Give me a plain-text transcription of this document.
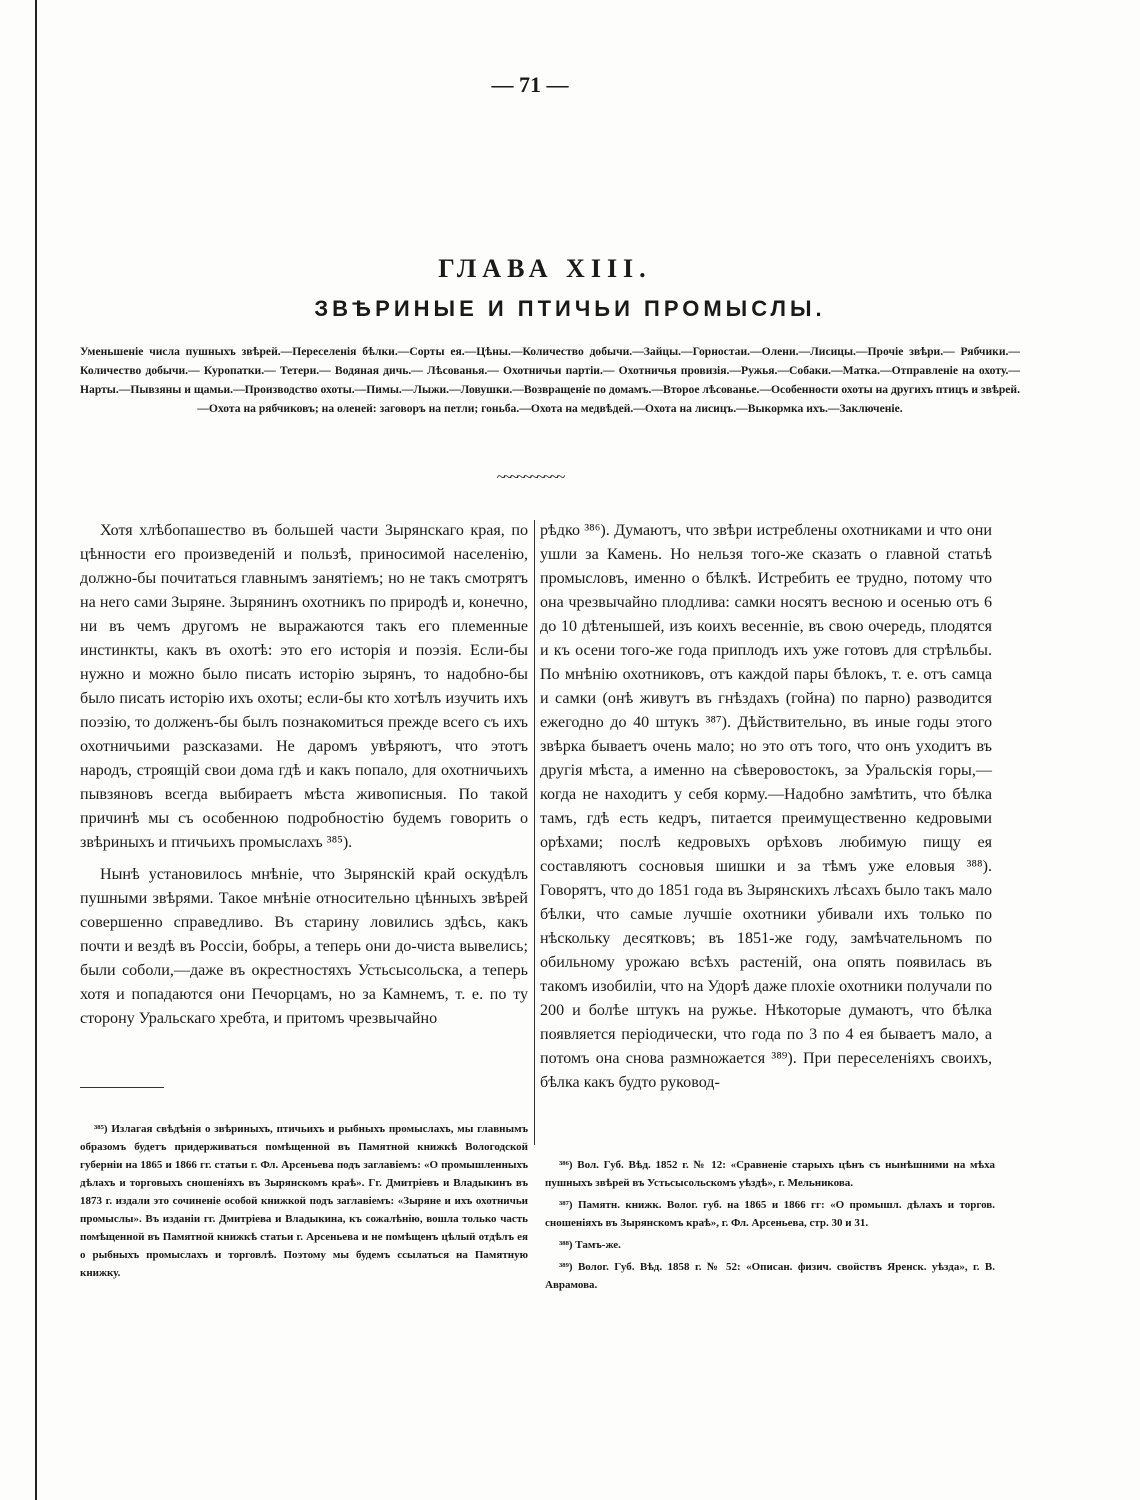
— 71 —
ГЛАВА XIII.
ЗВѢРИНЫЕ И ПТИЧЬИ ПРОМЫСЛЫ.
Уменьшеніе числа пушныхъ звѣрей.—Переселенія бѣлки.—Сорты ея.—Цѣны.—Количество добычи.—Зайцы.—Горностаи.—Олени.—Лисицы.—Прочіе звѣри.— Рябчики.— Количество добычи.— Куропатки.— Тетери.— Водяная дичь.— Лѣсованья.— Охотничьи партіи.— Охотничья провизія.—Ружья.—Собаки.—Матка.—Отправленіе на охоту.—Нарты.—Пывзяны и щамьи.—Производство охоты.—Пимы.—Лыжи.—Ловушки.—Возвращеніе по домамъ.—Второе лѣсованье.—Особенности охоты на другихъ птицъ и звѣрей.—Охота на рябчиковъ; на оленей: заговоръ на петли; гоньба.—Охота на медвѣдей.—Охота на лисицъ.—Выкормка ихъ.—Заключеніе.
~~~~~~~~~~

Хотя хлѣбопашество въ большей части Зырянскаго края, по цѣнности его произведеній и пользѣ, приносимой населенію, должно-бы почитаться главнымъ занятіемъ; но не такъ смотрятъ на него сами Зыряне. Зырянинъ охотникъ по природѣ и, конечно, ни въ чемъ другомъ не выражаются такъ его племенные инстинкты, какъ въ охотѣ: это его исторія и поэзія. Если-бы нужно и можно было писать исторію зырянъ, то надобно-бы было писать исторію ихъ охоты; если-бы кто хотѣлъ изучить ихъ поэзію, то долженъ-бы былъ познакомиться прежде всего съ ихъ охотничьими разсказами. Не даромъ увѣряютъ, что этотъ народъ, строящій свои дома гдѣ и какъ попало, для охотничьихъ пывзяновъ всегда выбираетъ мѣста живописныя. По такой причинѣ мы съ особенною подробностію будемъ говорить о звѣриныхъ и птичьихъ промыслахъ ³⁸⁵).

Нынѣ установилось мнѣніе, что Зырянскій край оскудѣлъ пушными звѣрями. Такое мнѣніе относительно цѣнныхъ звѣрей совершенно справедливо. Въ старину ловились здѣсь, какъ почти и вездѣ въ Россіи, бобры, а теперь они до-чиста вывелись; были соболи,—даже въ окрестностяхъ Устьсысольска, а теперь хотя и попадаются они Печорцамъ, но за Камнемъ, т. е. по ту сторону Уральскаго хребта, и притомъ чрезвычайно

рѣдко ³⁸⁶). Думаютъ, что звѣри истреблены охотниками и что они ушли за Камень. Но нельзя того-же сказать о главной статьѣ промысловъ, именно о бѣлкѣ. Истребить ее трудно, потому что она чрезвычайно плодлива: самки носятъ весною и осенью отъ 6 до 10 дѣтенышей, изъ коихъ весенніе, въ свою очередь, плодятся и къ осени того-же года приплодъ ихъ уже готовъ для стрѣльбы. По мнѣнію охотниковъ, отъ каждой пары бѣлокъ, т. е. отъ самца и самки (онѣ живутъ въ гнѣздахъ (гойна) по парно) разводится ежегодно до 40 штукъ ³⁸⁷). Дѣйствительно, въ иные годы этого звѣрка бываетъ очень мало; но это отъ того, что онъ уходитъ въ другія мѣста, а именно на сѣверовостокъ, за Уральскія горы,—когда не находитъ у себя корму.—Надобно замѣтить, что бѣлка тамъ, гдѣ есть кедръ, питается преимущественно кедровыми орѣхами; послѣ кедровыхъ орѣховъ любимую пищу ея составляютъ сосновыя шишки и за тѣмъ уже еловыя ³⁸⁸). Говорятъ, что до 1851 года въ Зырянскихъ лѣсахъ было такъ мало бѣлки, что самые лучшіе охотники убивали ихъ только по нѣскольку десятковъ; въ 1851-же году, замѣчательномъ по обильному урожаю всѣхъ растеній, она опять появилась въ такомъ изобиліи, что на Удорѣ даже плохіе охотники получали по 200 и болѣе штукъ на ружье. Нѣкоторые думаютъ, что бѣлка появляется періодически, что года по 3 по 4 ея бываетъ мало, а потомъ она снова размножается ³⁸⁹). При переселеніяхъ своихъ, бѣлка какъ будто руковод-

³⁸⁵) Излагая свѣдѣнія о звѣриныхъ, птичьихъ и рыбныхъ промыслахъ, мы главнымъ образомъ будетъ придерживаться помѣщенной въ Памятной книжкѣ Вологодской губерніи на 1865 и 1866 гг. статьи г. Фл. Арсеньева подъ заглавіемъ: «О промышленныхъ дѣлахъ и торговыхъ сношеніяхъ въ Зырянскомъ краѣ». Гг. Дмитріевъ и Владыкинъ въ 1873 г. издали это сочиненіе особой книжкой подъ заглавіемъ: «Зыряне и ихъ охотничьи промыслы». Въ изданіи гг. Дмитріева и Владыкина, къ сожалѣнію, вошла только часть помѣщенной въ Памятной книжкѣ статьи г. Арсеньева и не помѣщенъ цѣлый отдѣлъ ея о рыбныхъ промыслахъ и торговлѣ. Поэтому мы будемъ ссылаться на Памятную книжку.

³⁸⁶) Вол. Губ. Вѣд. 1852 г. № 12: «Сравненіе старыхъ цѣнъ съ нынѣшними на мѣха пушныхъ звѣрей въ Устьсысольскомъ уѣздѣ», г. Мельникова.

³⁸⁷) Памятн. книжк. Волог. губ. на 1865 и 1866 гг: «О промышл. дѣлахъ и торгов. сношеніяхъ въ Зырянскомъ краѣ», г. Фл. Арсеньева, стр. 30 и 31.

³⁸⁸) Тамъ-же.

³⁸⁹) Волог. Губ. Вѣд. 1858 г. № 52: «Описан. физич. свойствъ Яренск. уѣзда», г. В. Аврамова.
